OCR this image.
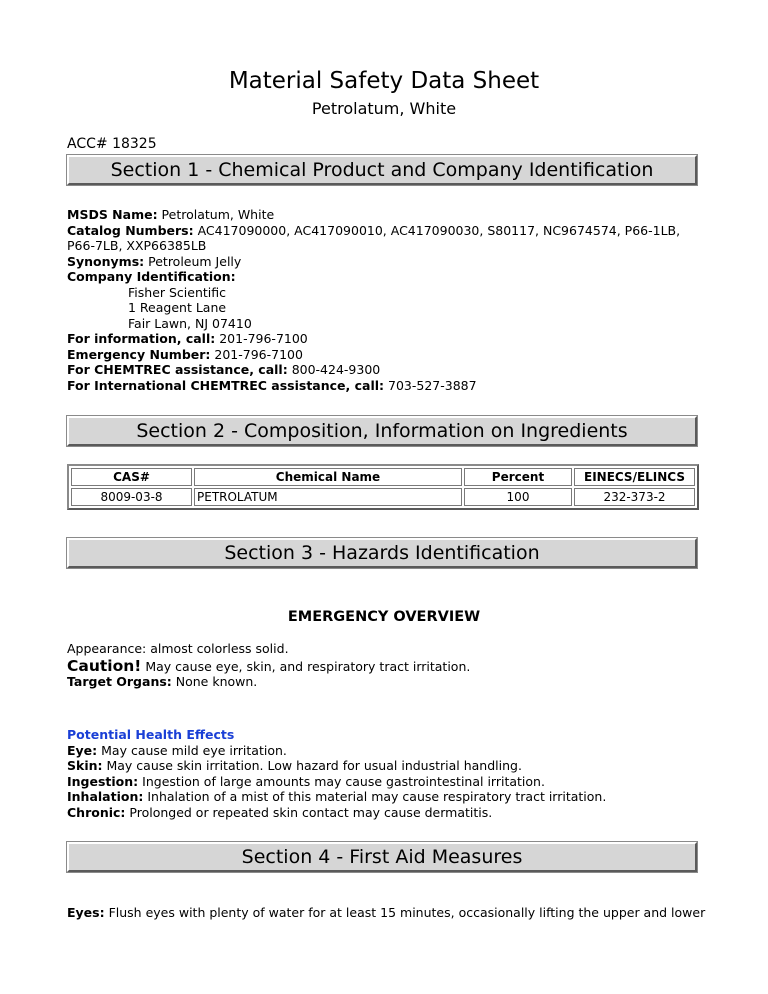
Material Safety Data Sheet
Petrolatum, White
ACC# 18325
Section 1 - Chemical Product and Company Identification
MSDS Name: Petrolatum, White
Catalog Numbers: AC417090000, AC417090010, AC417090030, S80117, NC9674574, P66-1LB,
P66-7LB, XXP66385LB
Synonyms: Petroleum Jelly
Company Identification:
Fisher Scientific
1 Reagent Lane
Fair Lawn, NJ 07410
For information, call: 201-796-7100
Emergency Number: 201-796-7100
For CHEMTREC assistance, call: 800-424-9300
For International CHEMTREC assistance, call: 703-527-3887
Section 2 - Composition, Information on Ingredients
CAS#	Chemical Name	Percent	EINECS/ELINCS
8009-03-8	PETROLATUM	100	232-373-2
Section 3 - Hazards Identification
EMERGENCY OVERVIEW
Appearance: almost colorless solid.
Caution! May cause eye, skin, and respiratory tract irritation.
Target Organs: None known.
Potential Health Effects
Eye: May cause mild eye irritation.
Skin: May cause skin irritation. Low hazard for usual industrial handling.
Ingestion: Ingestion of large amounts may cause gastrointestinal irritation.
Inhalation: Inhalation of a mist of this material may cause respiratory tract irritation.
Chronic: Prolonged or repeated skin contact may cause dermatitis.
Section 4 - First Aid Measures
Eyes: Flush eyes with plenty of water for at least 15 minutes, occasionally lifting the upper and lower
